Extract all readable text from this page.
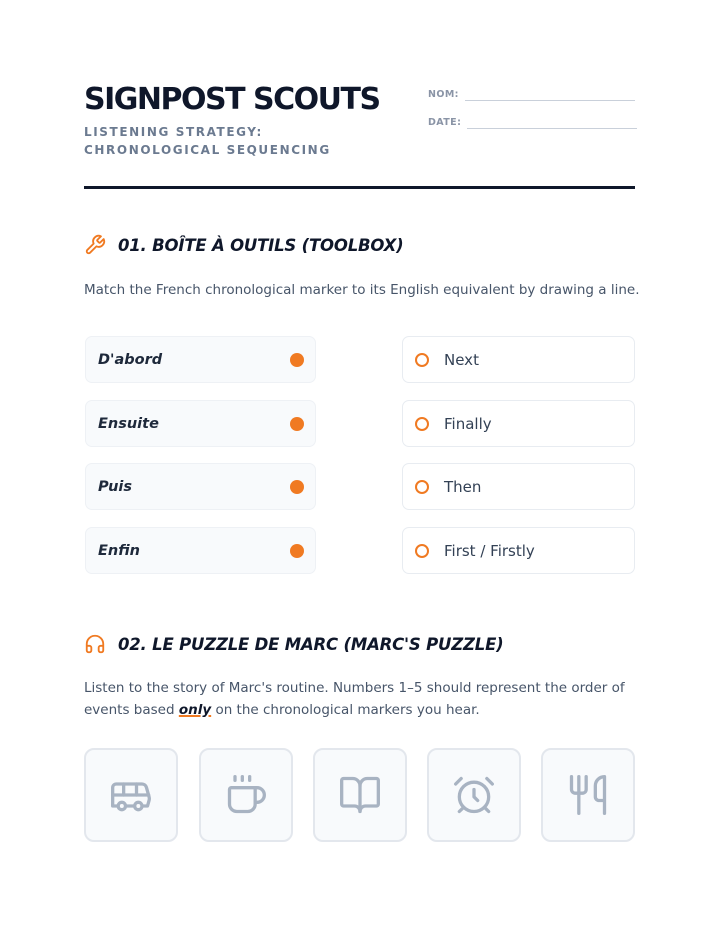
SIGNPOST SCOUTS
LISTENING STRATEGY: CHRONOLOGICAL SEQUENCING
NOM:
DATE:
01. BOÎTE À OUTILS (TOOLBOX)
Match the French chronological marker to its English equivalent by drawing a line.
D'abord
Ensuite
Puis
Enfin
Next
Finally
Then
First / Firstly
02. LE PUZZLE DE MARC (MARC'S PUZZLE)
Listen to the story of Marc's routine. Numbers 1–5 should represent the order of events based only on the chronological markers you hear.
